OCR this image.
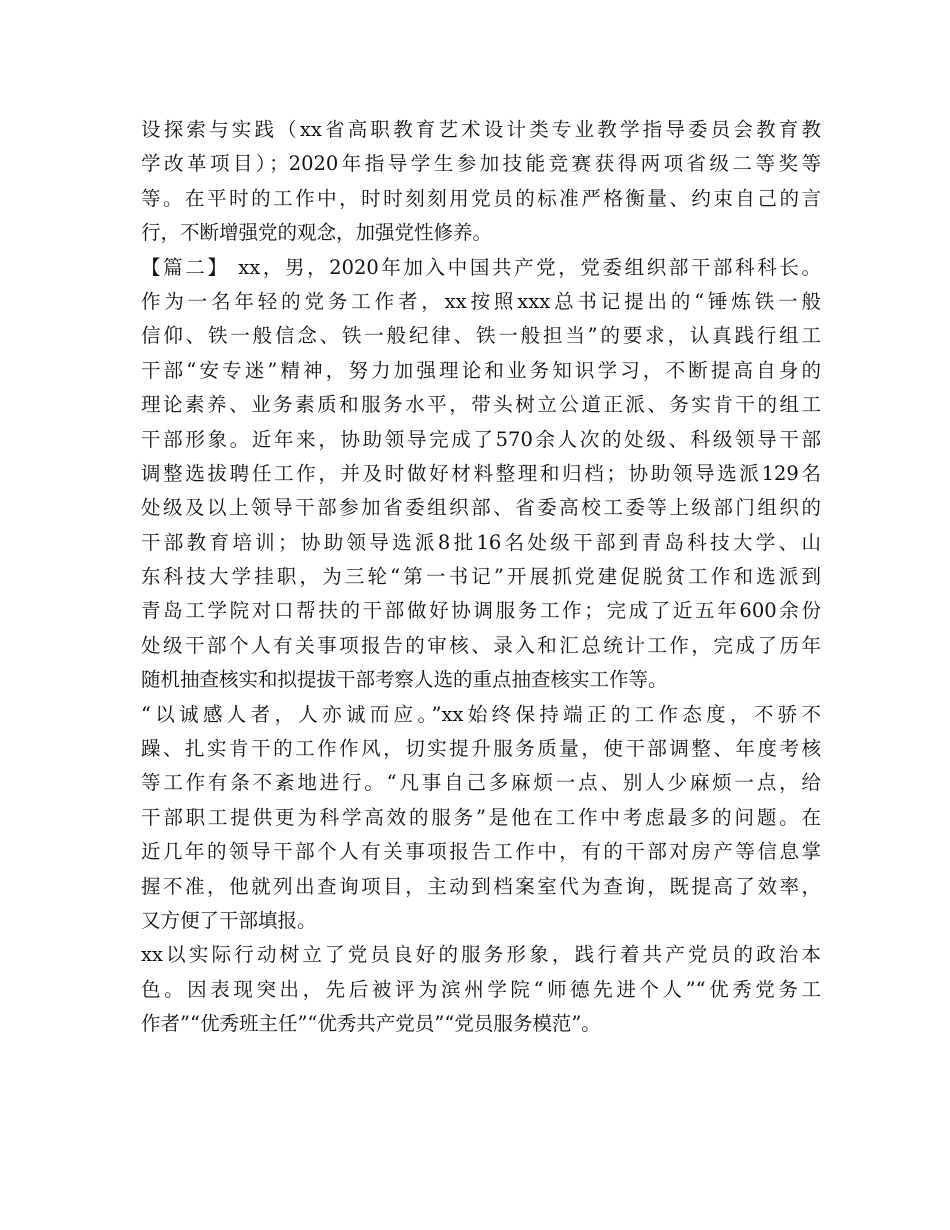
设探索与实践（xx省高职教育艺术设计类专业教学指导委员会教育教
学改革项目）；2020年指导学生参加技能竞赛获得两项省级二等奖等
等。在平时的工作中，时时刻刻用党员的标准严格衡量、约束自己的言
行，不断增强党的观念，加强党性修养。
【篇二】 xx，男，2020年加入中国共产党，党委组织部干部科科长。
作为一名年轻的党务工作者，xx按照xxx总书记提出的“锤炼铁一般
信仰、铁一般信念、铁一般纪律、铁一般担当”的要求，认真践行组工
干部“安专迷”精神，努力加强理论和业务知识学习，不断提高自身的
理论素养、业务素质和服务水平，带头树立公道正派、务实肯干的组工
干部形象。近年来，协助领导完成了570余人次的处级、科级领导干部
调整选拔聘任工作，并及时做好材料整理和归档；协助领导选派129名
处级及以上领导干部参加省委组织部、省委高校工委等上级部门组织的
干部教育培训；协助领导选派8批16名处级干部到青岛科技大学、山
东科技大学挂职，为三轮“第一书记”开展抓党建促脱贫工作和选派到
青岛工学院对口帮扶的干部做好协调服务工作；完成了近五年600余份
处级干部个人有关事项报告的审核、录入和汇总统计工作，完成了历年
随机抽查核实和拟提拔干部考察人选的重点抽查核实工作等。
“以诚感人者，人亦诚而应。”xx始终保持端正的工作态度，不骄不
躁、扎实肯干的工作作风，切实提升服务质量，使干部调整、年度考核
等工作有条不紊地进行。“凡事自己多麻烦一点、别人少麻烦一点，给
干部职工提供更为科学高效的服务”是他在工作中考虑最多的问题。在
近几年的领导干部个人有关事项报告工作中，有的干部对房产等信息掌
握不准，他就列出查询项目，主动到档案室代为查询，既提高了效率，
又方便了干部填报。
xx以实际行动树立了党员良好的服务形象，践行着共产党员的政治本
色。因表现突出，先后被评为滨州学院“师德先进个人”“优秀党务工
作者”“优秀班主任”“优秀共产党员”“党员服务模范”。
